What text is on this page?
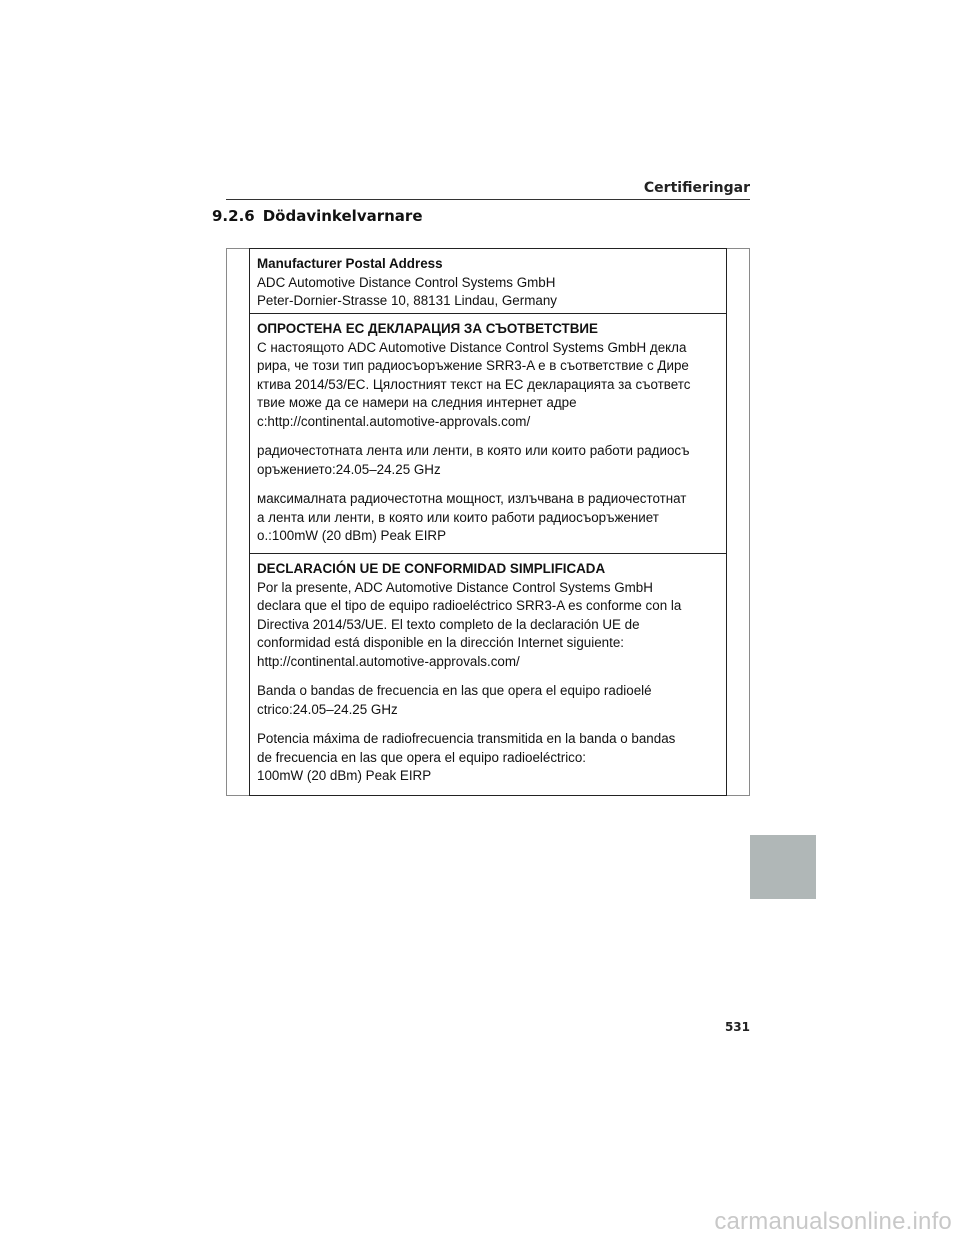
Certifieringar
9.2.6 Dödavinkelvarnare

Manufacturer Postal Address

ADC Automotive Distance Control Systems GmbH

Peter-Dornier-Strasse 10, 88131 Lindau, Germany

ОПРОСТЕНА ЕС ДЕКЛАРАЦИЯ ЗА СЪОТВЕТСТВИЕ

С настоящото ADC Automotive Distance Control Systems GmbH декла

рира, че този тип радиосъоръжение SRR3-A е в съответствие с Дире

ктива 2014/53/ЕС. Цялостният текст на ЕС декларацията за съответс

твие може да се намери на следния интернет адре

c:http://continental.automotive-approvals.com/

радиочестотната лента или ленти, в която или които работи радиосъ

оръжението:24.05–24.25 GHz

максималната радиочестотна мощност, излъчвана в радиочестотнат

а лента или ленти, в която или които работи радиосъоръжениет

о.:100mW (20 dBm) Peak EIRP

DECLARACIÓN UE DE CONFORMIDAD SIMPLIFICADA

Por la presente, ADC Automotive Distance Control Systems GmbH

declara que el tipo de equipo radioeléctrico SRR3-A es conforme con la

Directiva 2014/53/UE. El texto completo de la declaración UE de

conformidad está disponible en la dirección Internet siguiente:

http://continental.automotive-approvals.com/

Banda o bandas de frecuencia en las que opera el equipo radioelé

ctrico:24.05–24.25 GHz

Potencia máxima de radiofrecuencia transmitida en la banda o bandas

de frecuencia en las que opera el equipo radioeléctrico:

100mW (20 dBm) Peak EIRP

531
carmanualsonline.info
